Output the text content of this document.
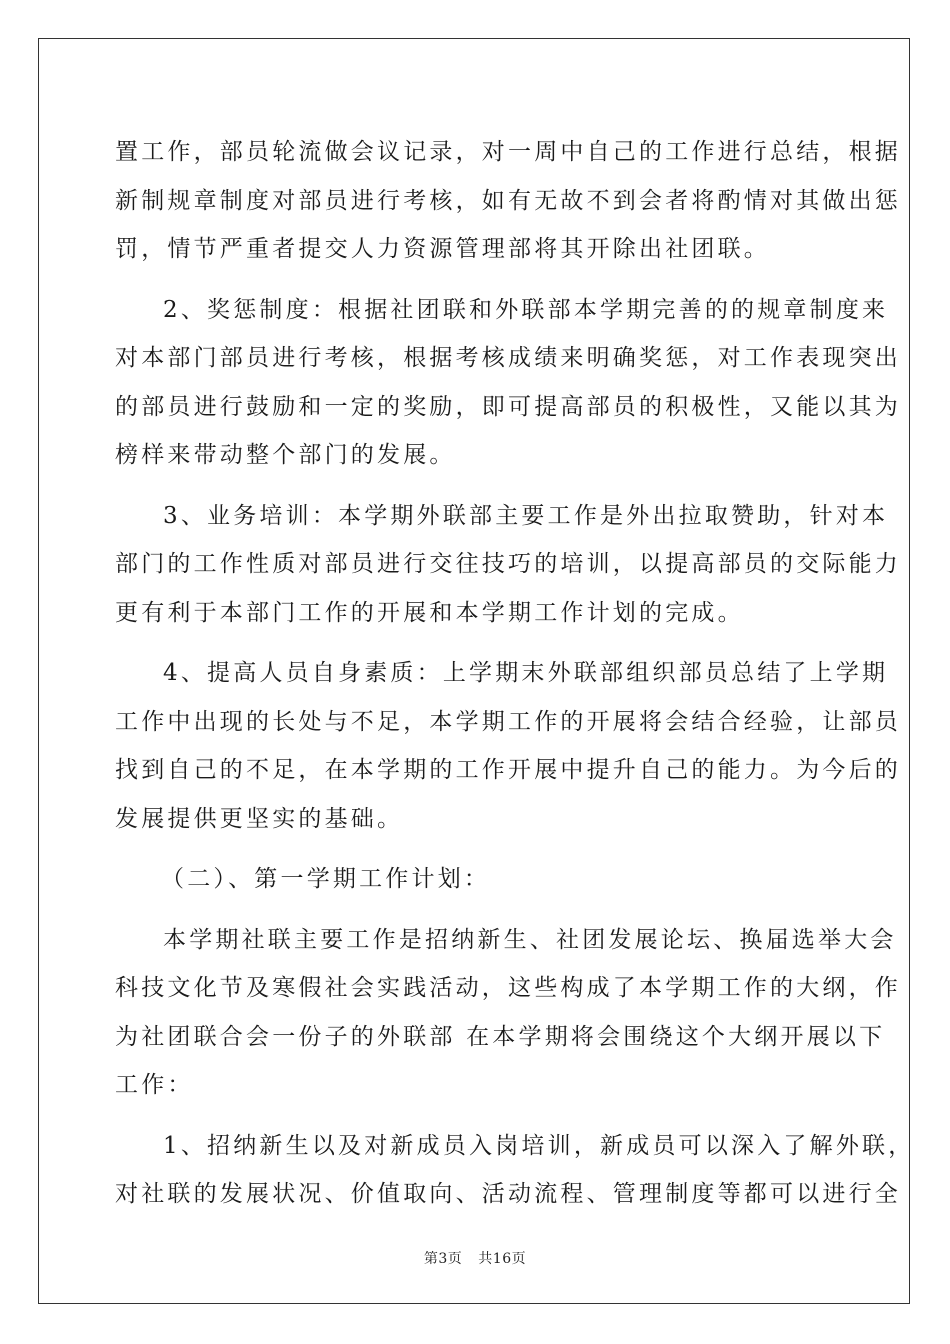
置工作，部员轮流做会议记录，对一周中自己的工作进行总结，根据
新制规章制度对部员进行考核，如有无故不到会者将酌情对其做出惩
罚，情节严重者提交人力资源管理部将其开除出社团联。
2、奖惩制度：根据社团联和外联部本学期完善的的规章制度来
对本部门部员进行考核，根据考核成绩来明确奖惩，对工作表现突出
的部员进行鼓励和一定的奖励，即可提高部员的积极性，又能以其为
榜样来带动整个部门的发展。
3、业务培训：本学期外联部主要工作是外出拉取赞助，针对本
部门的工作性质对部员进行交往技巧的培训，以提高部员的交际能力
更有利于本部门工作的开展和本学期工作计划的完成。
4、提高人员自身素质：上学期末外联部组织部员总结了上学期
工作中出现的长处与不足，本学期工作的开展将会结合经验，让部员
找到自己的不足，在本学期的工作开展中提升自己的能力。为今后的
发展提供更坚实的基础。
（二）、第一学期工作计划：
本学期社联主要工作是招纳新生、社团发展论坛、换届选举大会
科技文化节及寒假社会实践活动，这些构成了本学期工作的大纲，作
为社团联合会一份子的外联部 在本学期将会围绕这个大纲开展以下
工作：
1、招纳新生以及对新成员入岗培训，新成员可以深入了解外联，
对社联的发展状况、价值取向、活动流程、管理制度等都可以进行全
第3页 共16页
